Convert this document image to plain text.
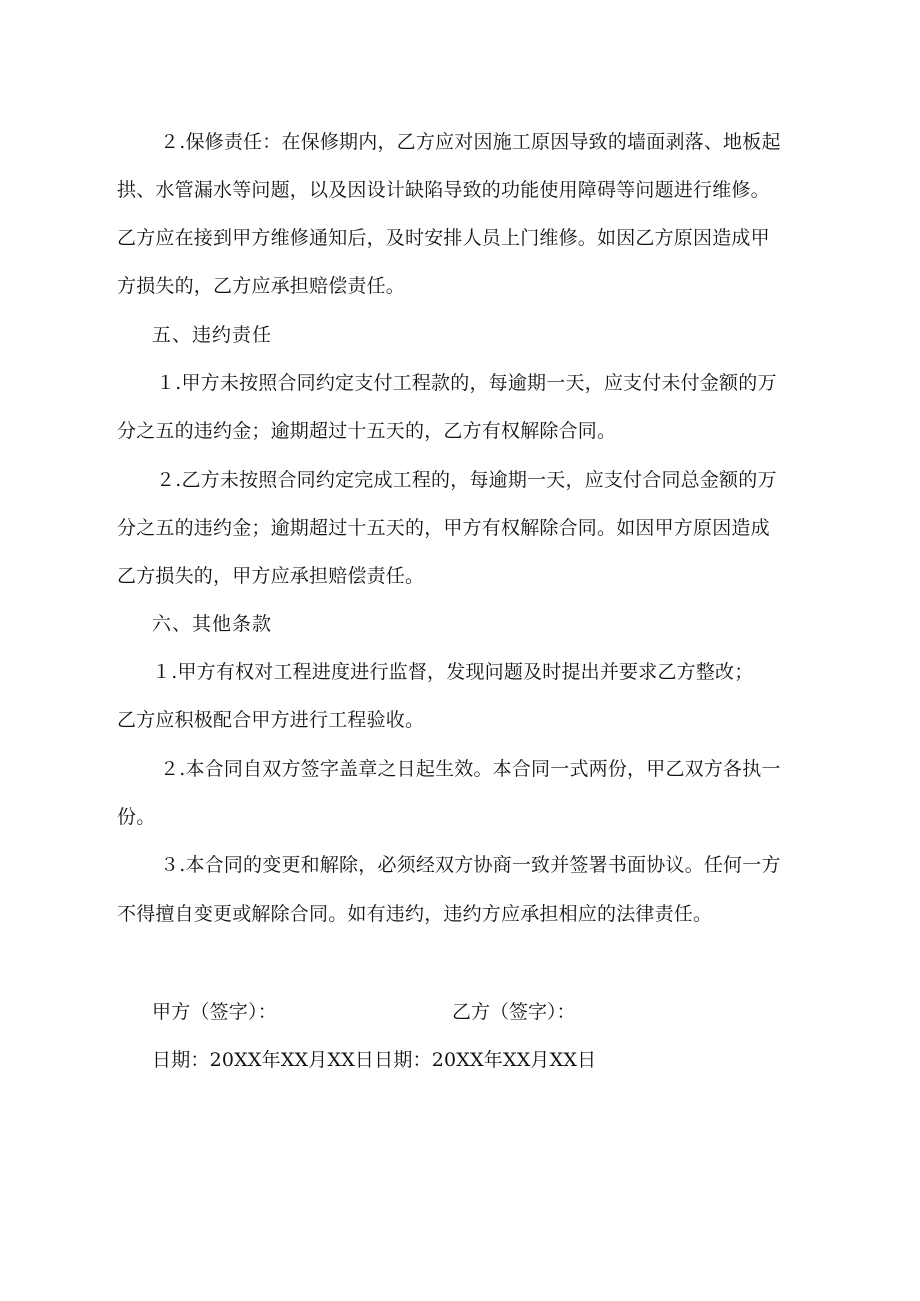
２.保修责任：在保修期内，乙方应对因施工原因导致的墙面剥落、地板起
拱、水管漏水等问题，以及因设计缺陷导致的功能使用障碍等问题进行维修。
乙方应在接到甲方维修通知后，及时安排人员上门维修。如因乙方原因造成甲
方损失的，乙方应承担赔偿责任。
五、违约责任
１.甲方未按照合同约定支付工程款的，每逾期一天，应支付未付金额的万
分之五的违约金；逾期超过十五天的，乙方有权解除合同。
２.乙方未按照合同约定完成工程的，每逾期一天，应支付合同总金额的万
分之五的违约金；逾期超过十五天的，甲方有权解除合同。如因甲方原因造成
乙方损失的，甲方应承担赔偿责任。
六、其他条款
１.甲方有权对工程进度进行监督，发现问题及时提出并要求乙方整改；
乙方应积极配合甲方进行工程验收。
２.本合同自双方签字盖章之日起生效。本合同一式两份，甲乙双方各执一
份。
３.本合同的变更和解除，必须经双方协商一致并签署书面协议。任何一方
不得擅自变更或解除合同。如有违约，违约方应承担相应的法律责任。
甲方（签字）：	乙方（签字）：
日期：20XX年XX月XX日日期：20XX年XX月XX日
